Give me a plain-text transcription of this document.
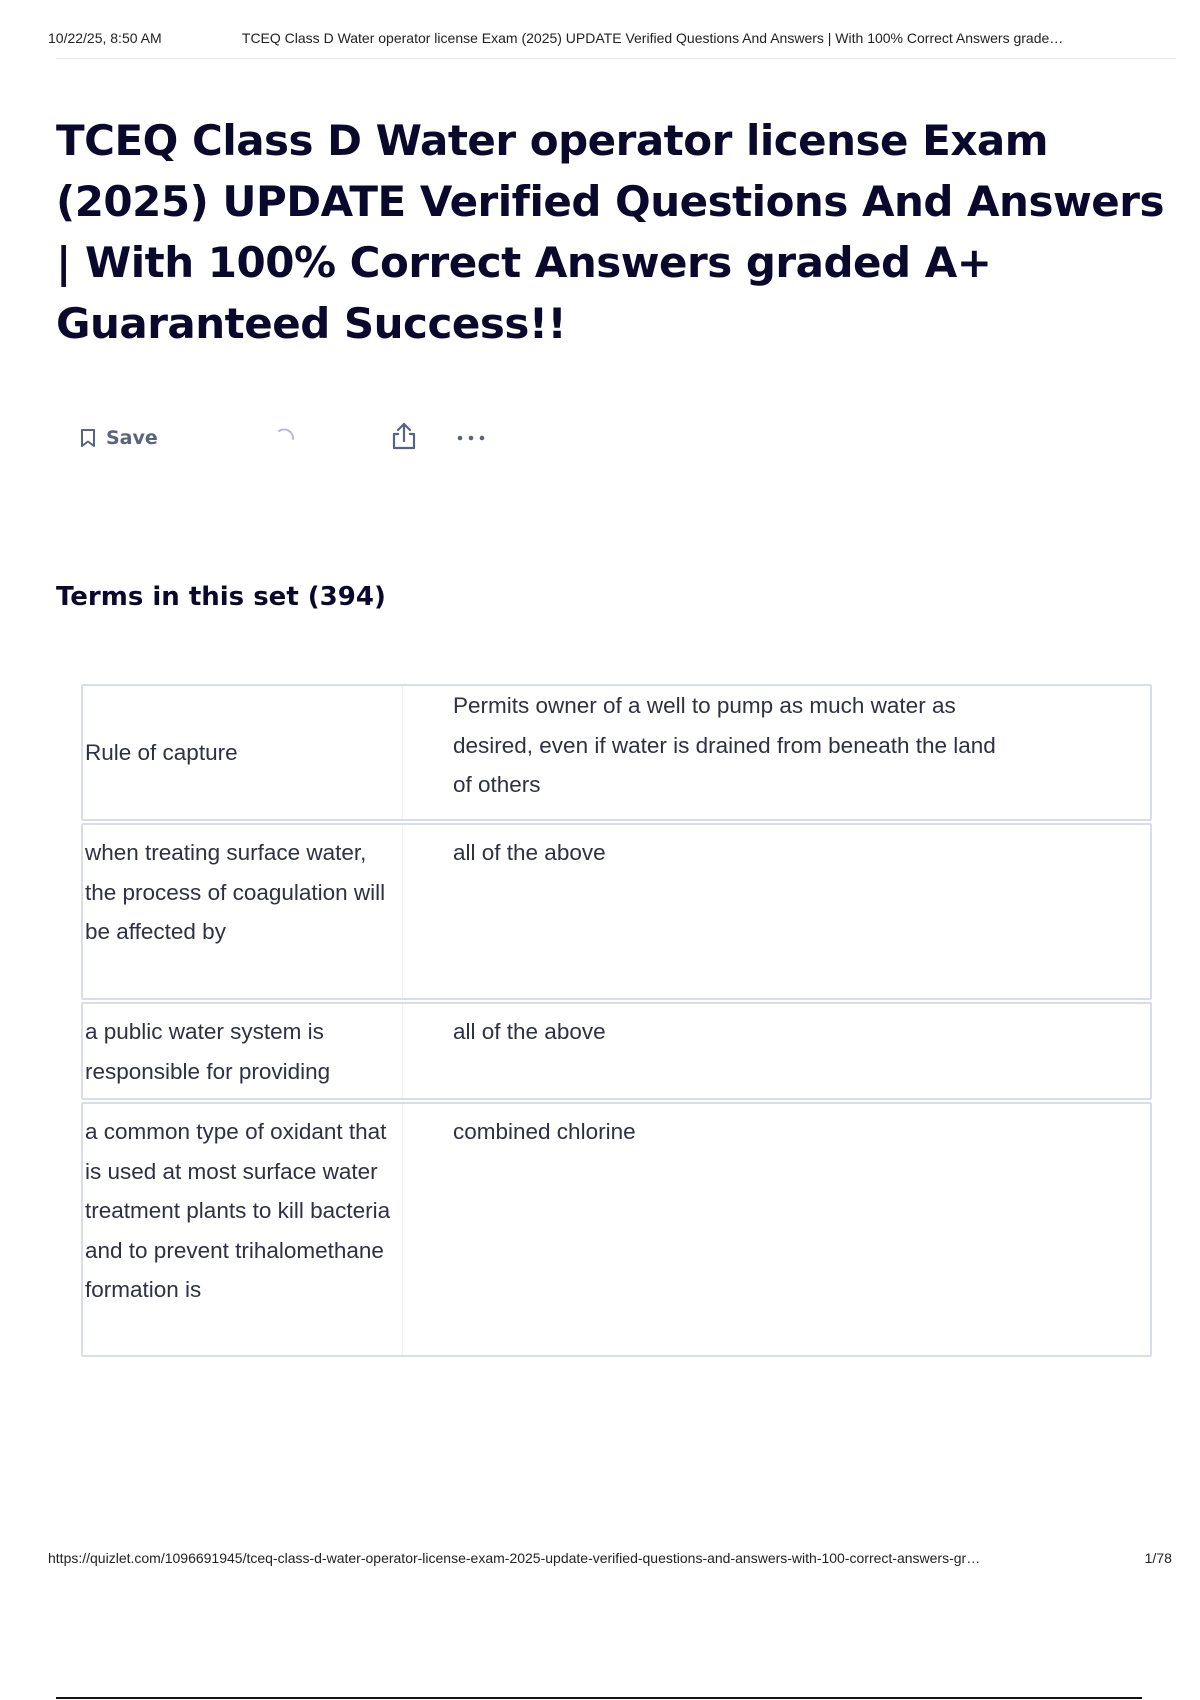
10/22/25, 8:50 AM	TCEQ Class D Water operator license Exam (2025) UPDATE Verified Questions And Answers | With 100% Correct Answers grade…
TCEQ Class D Water operator license Exam (2025) UPDATE Verified Questions And Answers | With 100% Correct Answers graded A+ Guaranteed Success!!
Save
Terms in this set (394)
Rule of capture
Permits owner of a well to pump as much water as desired, even if water is drained from beneath the land of others
when treating surface water, the process of coagulation will be affected by
all of the above
a public water system is responsible for providing
all of the above
a common type of oxidant that is used at most surface water treatment plants to kill bacteria and to prevent trihalomethane formation is
combined chlorine
https://quizlet.com/1096691945/tceq-class-d-water-operator-license-exam-2025-update-verified-questions-and-answers-with-100-correct-answers-gr…	1/78
